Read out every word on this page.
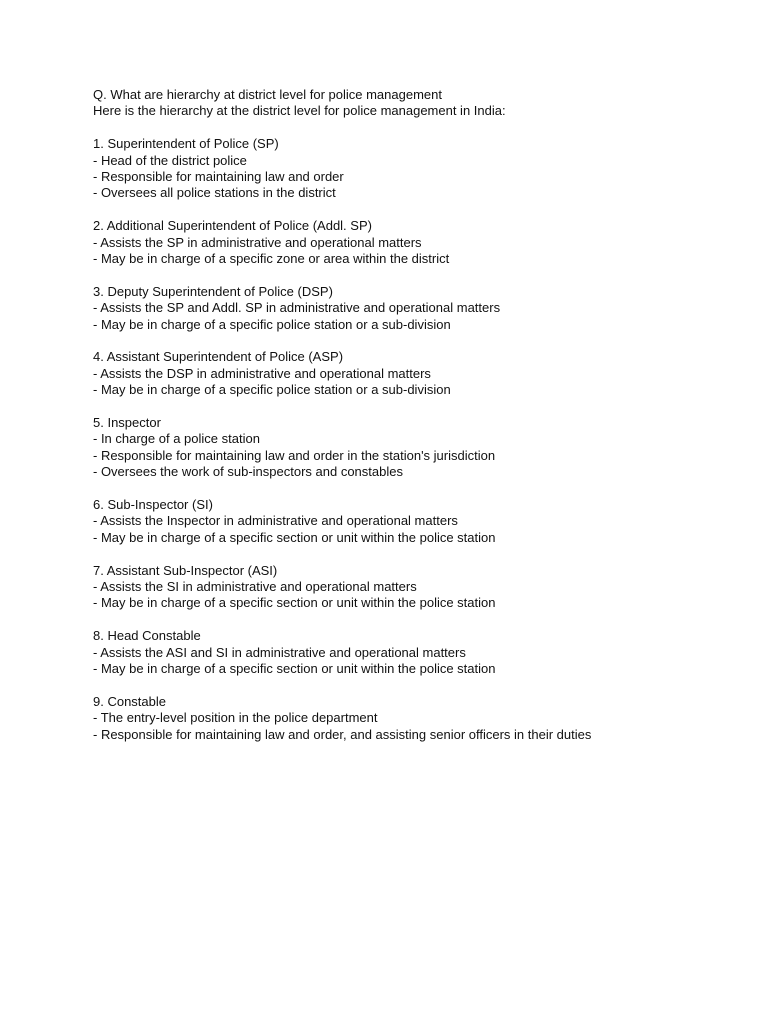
Q. What are hierarchy at district level for police management

Here is the hierarchy at the district level for police management in India:

1. Superintendent of Police (SP)

- Head of the district police

- Responsible for maintaining law and order

- Oversees all police stations in the district

2. Additional Superintendent of Police (Addl. SP)

- Assists the SP in administrative and operational matters

- May be in charge of a specific zone or area within the district

3. Deputy Superintendent of Police (DSP)

- Assists the SP and Addl. SP in administrative and operational matters

- May be in charge of a specific police station or a sub-division

4. Assistant Superintendent of Police (ASP)

- Assists the DSP in administrative and operational matters

- May be in charge of a specific police station or a sub-division

5. Inspector

- In charge of a police station

- Responsible for maintaining law and order in the station's jurisdiction

- Oversees the work of sub-inspectors and constables

6. Sub-Inspector (SI)

- Assists the Inspector in administrative and operational matters

- May be in charge of a specific section or unit within the police station

7. Assistant Sub-Inspector (ASI)

- Assists the SI in administrative and operational matters

- May be in charge of a specific section or unit within the police station

8. Head Constable

- Assists the ASI and SI in administrative and operational matters

- May be in charge of a specific section or unit within the police station

9. Constable

- The entry-level position in the police department

- Responsible for maintaining law and order, and assisting senior officers in their duties
